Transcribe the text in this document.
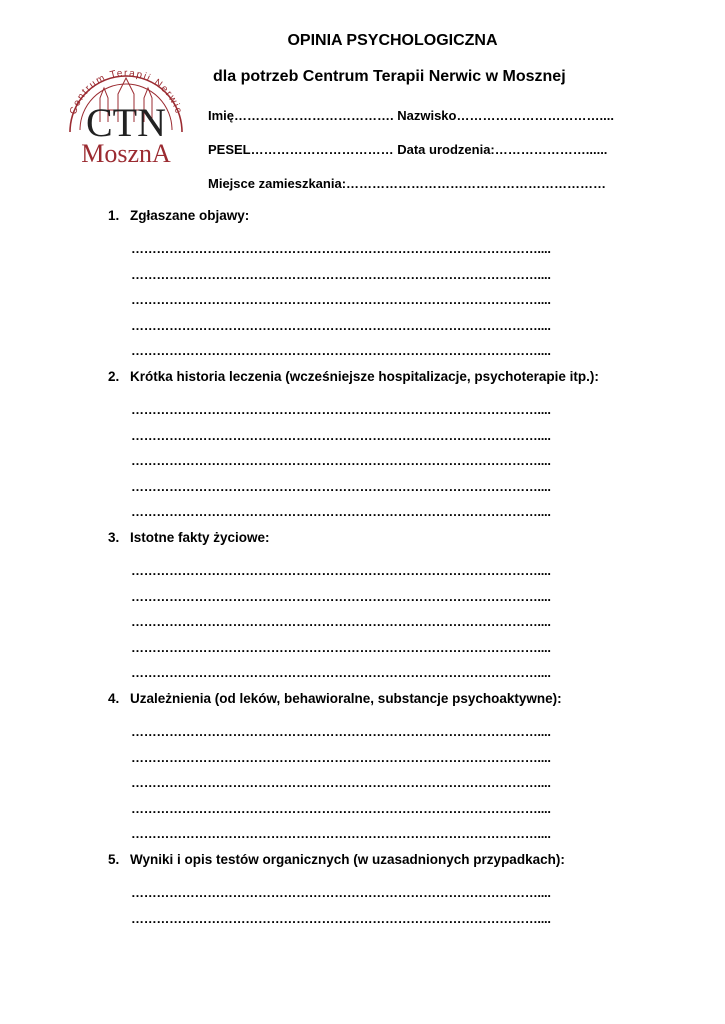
Centrum Terapii Nerwic
CTN
MosznA
OPINIA PSYCHOLOGICZNA
dla potrzeb Centrum Terapii Nerwic w Mosznej
Imię………………………………. Nazwisko……………………………....
PESEL…………………………… Data urodzenia:…………………......
Miejsce zamieszkania:……………………………………………………
1. Zgłaszane objawy:
……………………………………………………………………………………....
……………………………………………………………………………………....
……………………………………………………………………………………....
……………………………………………………………………………………....
……………………………………………………………………………………....
2. Krótka historia leczenia (wcześniejsze hospitalizacje, psychoterapie itp.):
……………………………………………………………………………………....
……………………………………………………………………………………....
……………………………………………………………………………………....
……………………………………………………………………………………....
……………………………………………………………………………………....
3. Istotne fakty życiowe:
……………………………………………………………………………………....
……………………………………………………………………………………....
……………………………………………………………………………………....
……………………………………………………………………………………....
……………………………………………………………………………………....
4. Uzależnienia (od leków, behawioralne, substancje psychoaktywne):
……………………………………………………………………………………....
……………………………………………………………………………………....
……………………………………………………………………………………....
……………………………………………………………………………………....
……………………………………………………………………………………....
5. Wyniki i opis testów organicznych (w uzasadnionych przypadkach):
……………………………………………………………………………………....
……………………………………………………………………………………....
